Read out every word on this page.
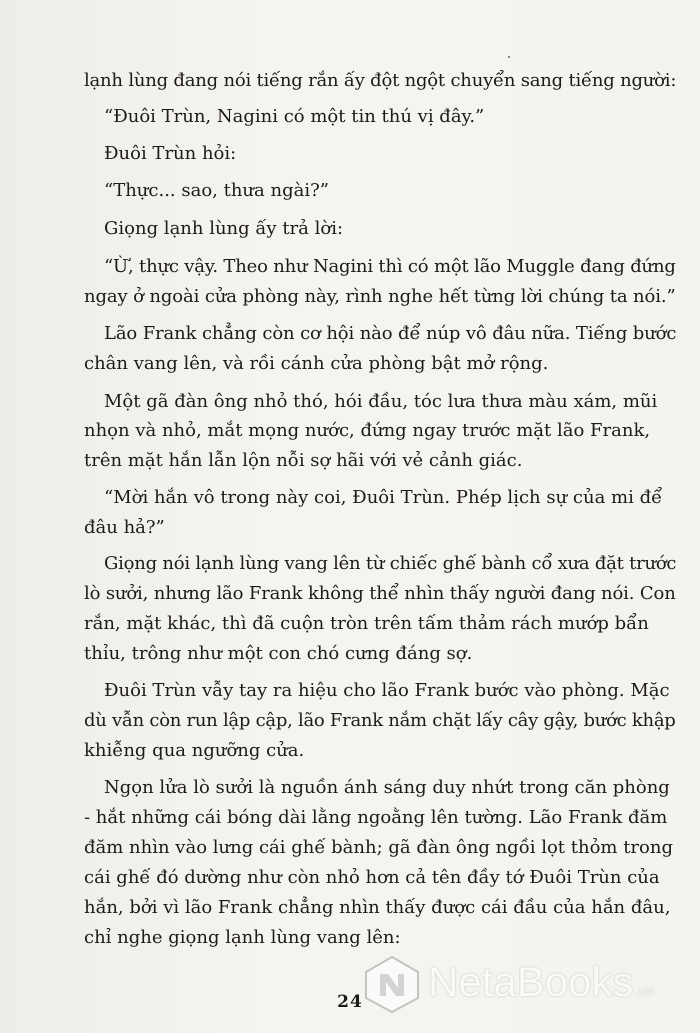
lạnh lùng đang nói tiếng rắn ấy đột ngột chuyển sang tiếng người:
“Đuôi Trùn, Nagini có một tin thú vị đây.”
Đuôi Trùn hỏi:
“Thực... sao, thưa ngài?”
Giọng lạnh lùng ấy trả lời:
“Ừ, thực vậy. Theo như Nagini thì có một lão Muggle đang đứng
ngay ở ngoài cửa phòng này, rình nghe hết từng lời chúng ta nói.”
Lão Frank chẳng còn cơ hội nào để núp vô đâu nữa. Tiếng bước
chân vang lên, và rồi cánh cửa phòng bật mở rộng.
Một gã đàn ông nhỏ thó, hói đầu, tóc lưa thưa màu xám, mũi
nhọn và nhỏ, mắt mọng nước, đứng ngay trước mặt lão Frank,
trên mặt hắn lẫn lộn nỗi sợ hãi với vẻ cảnh giác.
“Mời hắn vô trong này coi, Đuôi Trùn. Phép lịch sự của mi để
đâu hả?”
Giọng nói lạnh lùng vang lên từ chiếc ghế bành cổ xưa đặt trước
lò sưởi, nhưng lão Frank không thể nhìn thấy người đang nói. Con
rắn, mặt khác, thì đã cuộn tròn trên tấm thảm rách mướp bẩn
thỉu, trông như một con chó cưng đáng sợ.
Đuôi Trùn vẫy tay ra hiệu cho lão Frank bước vào phòng. Mặc
dù vẫn còn run lập cập, lão Frank nắm chặt lấy cây gậy, bước khập
khiễng qua ngưỡng cửa.
Ngọn lửa lò sưởi là nguồn ánh sáng duy nhứt trong căn phòng
- hắt những cái bóng dài lằng ngoằng lên tường. Lão Frank đăm
đăm nhìn vào lưng cái ghế bành; gã đàn ông ngồi lọt thỏm trong
cái ghế đó dường như còn nhỏ hơn cả tên đầy tớ Đuôi Trùn của
hắn, bởi vì lão Frank chẳng nhìn thấy được cái đầu của hắn đâu,
chỉ nghe giọng lạnh lùng vang lên:
24	NetaBooks .vn
